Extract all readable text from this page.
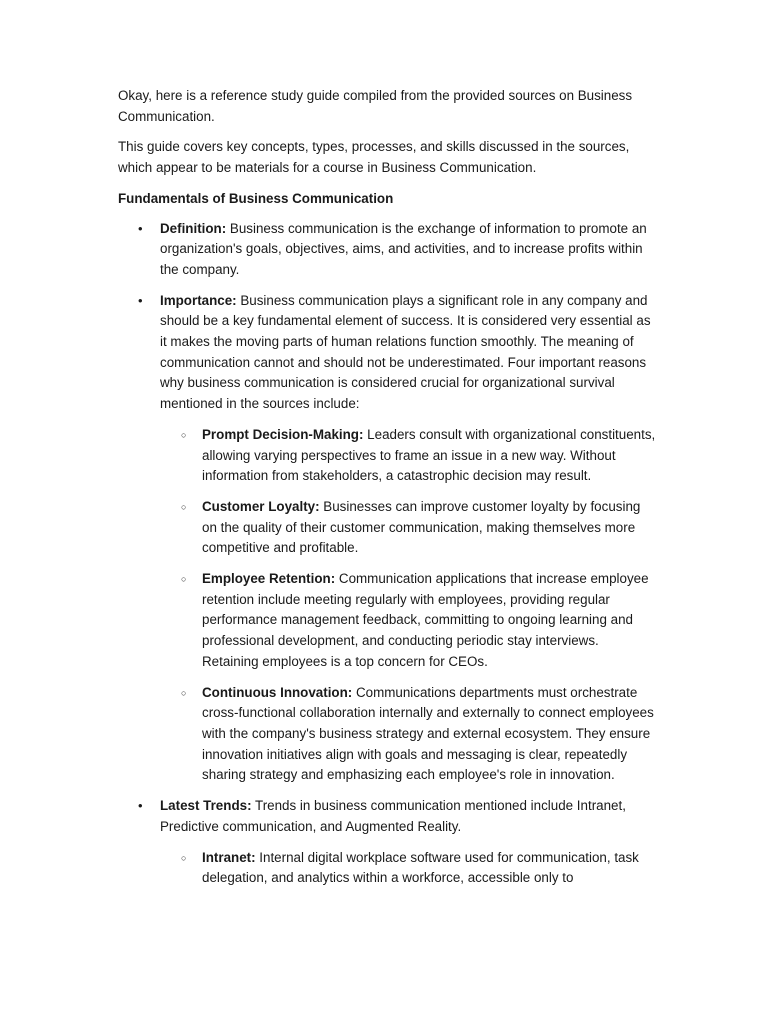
Okay, here is a reference study guide compiled from the provided sources on Business Communication.

This guide covers key concepts, types, processes, and skills discussed in the sources, which appear to be materials for a course in Business Communication.

Fundamentals of Business Communication
• Definition: Business communication is the exchange of information to promote an organization's goals, objectives, aims, and activities, and to increase profits within the company.
• Importance: Business communication plays a significant role in any company and should be a key fundamental element of success. It is considered very essential as it makes the moving parts of human relations function smoothly. The meaning of communication cannot and should not be underestimated. Four important reasons why business communication is considered crucial for organizational survival mentioned in the sources include:
○ Prompt Decision-Making: Leaders consult with organizational constituents, allowing varying perspectives to frame an issue in a new way. Without information from stakeholders, a catastrophic decision may result.
○ Customer Loyalty: Businesses can improve customer loyalty by focusing on the quality of their customer communication, making themselves more competitive and profitable.
○ Employee Retention: Communication applications that increase employee retention include meeting regularly with employees, providing regular performance management feedback, committing to ongoing learning and professional development, and conducting periodic stay interviews. Retaining employees is a top concern for CEOs.
○ Continuous Innovation: Communications departments must orchestrate cross-functional collaboration internally and externally to connect employees with the company's business strategy and external ecosystem. They ensure innovation initiatives align with goals and messaging is clear, repeatedly sharing strategy and emphasizing each employee's role in innovation.
• Latest Trends: Trends in business communication mentioned include Intranet, Predictive communication, and Augmented Reality.
○ Intranet: Internal digital workplace software used for communication, task delegation, and analytics within a workforce, accessible only to
